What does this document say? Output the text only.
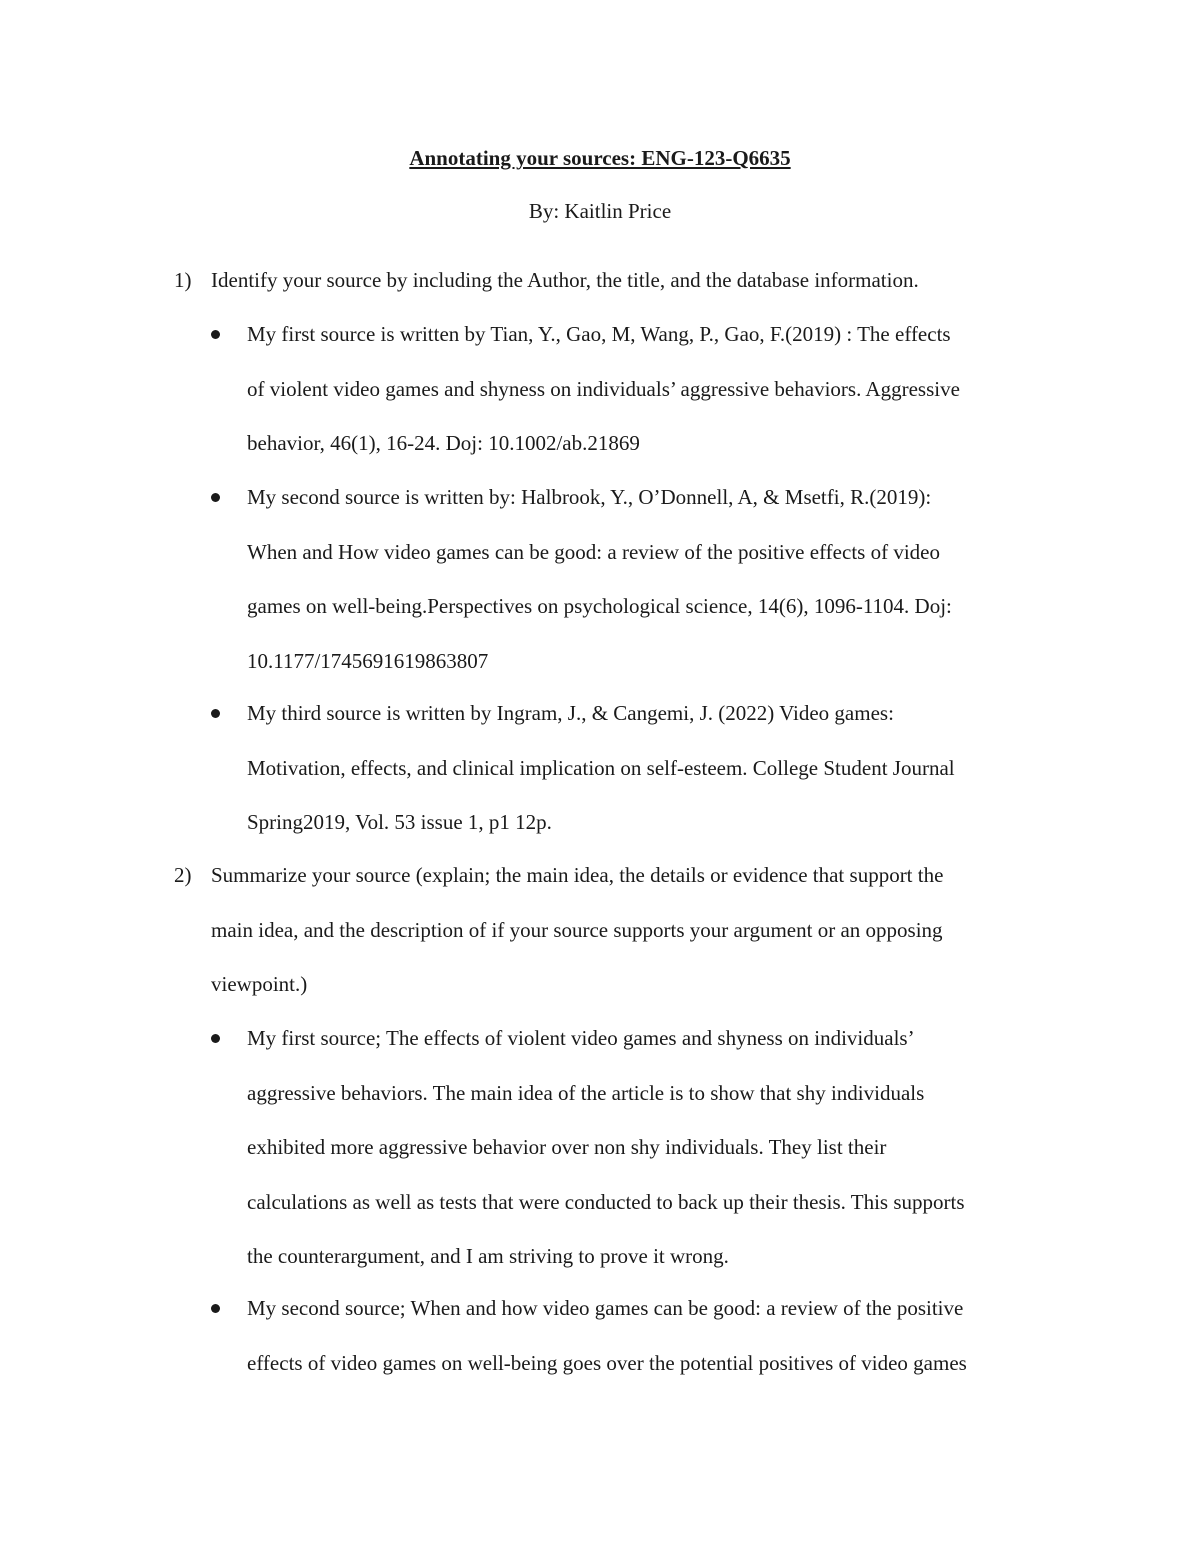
Annotating your sources: ENG-123-Q6635
By: Kaitlin Price
1) Identify your source by including the Author, the title, and the database information.
My first source is written by Tian, Y., Gao, M, Wang, P., Gao, F.(2019) : The effects
of violent video games and shyness on individuals’ aggressive behaviors. Aggressive
behavior, 46(1), 16-24. Doj: 10.1002/ab.21869
My second source is written by: Halbrook, Y., O’Donnell, A, & Msetfi, R.(2019):
When and How video games can be good: a review of the positive effects of video
games on well-being.Perspectives on psychological science, 14(6), 1096-1104. Doj:
10.1177/1745691619863807
My third source is written by Ingram, J., & Cangemi, J. (2022) Video games:
Motivation, effects, and clinical implication on self-esteem. College Student Journal
Spring2019, Vol. 53 issue 1, p1 12p.
2) Summarize your source (explain; the main idea, the details or evidence that support the
main idea, and the description of if your source supports your argument or an opposing
viewpoint.)
My first source; The effects of violent video games and shyness on individuals’
aggressive behaviors. The main idea of the article is to show that shy individuals
exhibited more aggressive behavior over non shy individuals. They list their
calculations as well as tests that were conducted to back up their thesis. This supports
the counterargument, and I am striving to prove it wrong.
My second source; When and how video games can be good: a review of the positive
effects of video games on well-being goes over the potential positives of video games
